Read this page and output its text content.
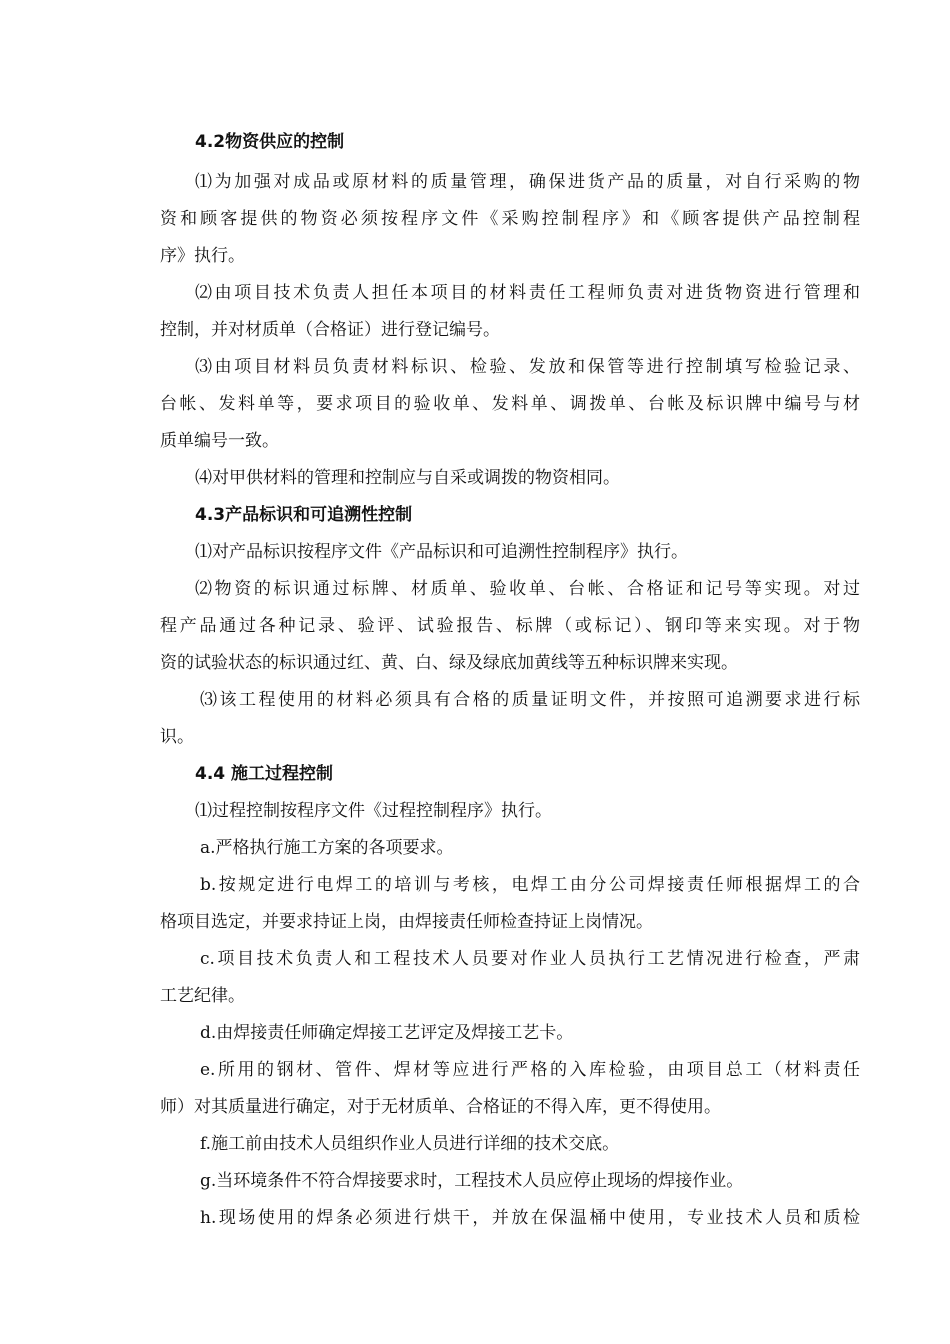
4.2物资供应的控制
⑴为加强对成品或原材料的质量管理，确保进货产品的质量，对自行采购的物
资和顾客提供的物资必须按程序文件《采购控制程序》和《顾客提供产品控制程
序》执行。
⑵由项目技术负责人担任本项目的材料责任工程师负责对进货物资进行管理和
控制，并对材质单（合格证）进行登记编号。
⑶由项目材料员负责材料标识、检验、发放和保管等进行控制填写检验记录、
台帐、发料单等，要求项目的验收单、发料单、调拨单、台帐及标识牌中编号与材
质单编号一致。
⑷对甲供材料的管理和控制应与自采或调拨的物资相同。
4.3产品标识和可追溯性控制
⑴对产品标识按程序文件《产品标识和可追溯性控制程序》执行。
⑵物资的标识通过标牌、材质单、验收单、台帐、合格证和记号等实现。对过
程产品通过各种记录、验评、试验报告、标牌（或标记）、钢印等来实现。对于物
资的试验状态的标识通过红、黄、白、绿及绿底加黄线等五种标识牌来实现。
⑶该工程使用的材料必须具有合格的质量证明文件，并按照可追溯要求进行标
识。
4.4 施工过程控制
⑴过程控制按程序文件《过程控制程序》执行。
a.严格执行施工方案的各项要求。
b.按规定进行电焊工的培训与考核，电焊工由分公司焊接责任师根据焊工的合
格项目选定，并要求持证上岗，由焊接责任师检查持证上岗情况。
c.项目技术负责人和工程技术人员要对作业人员执行工艺情况进行检查，严肃
工艺纪律。
d.由焊接责任师确定焊接工艺评定及焊接工艺卡。
e.所用的钢材、管件、焊材等应进行严格的入库检验，由项目总工（材料责任
师）对其质量进行确定，对于无材质单、合格证的不得入库，更不得使用。
f.施工前由技术人员组织作业人员进行详细的技术交底。
g.当环境条件不符合焊接要求时，工程技术人员应停止现场的焊接作业。
h.现场使用的焊条必须进行烘干，并放在保温桶中使用，专业技术人员和质检
